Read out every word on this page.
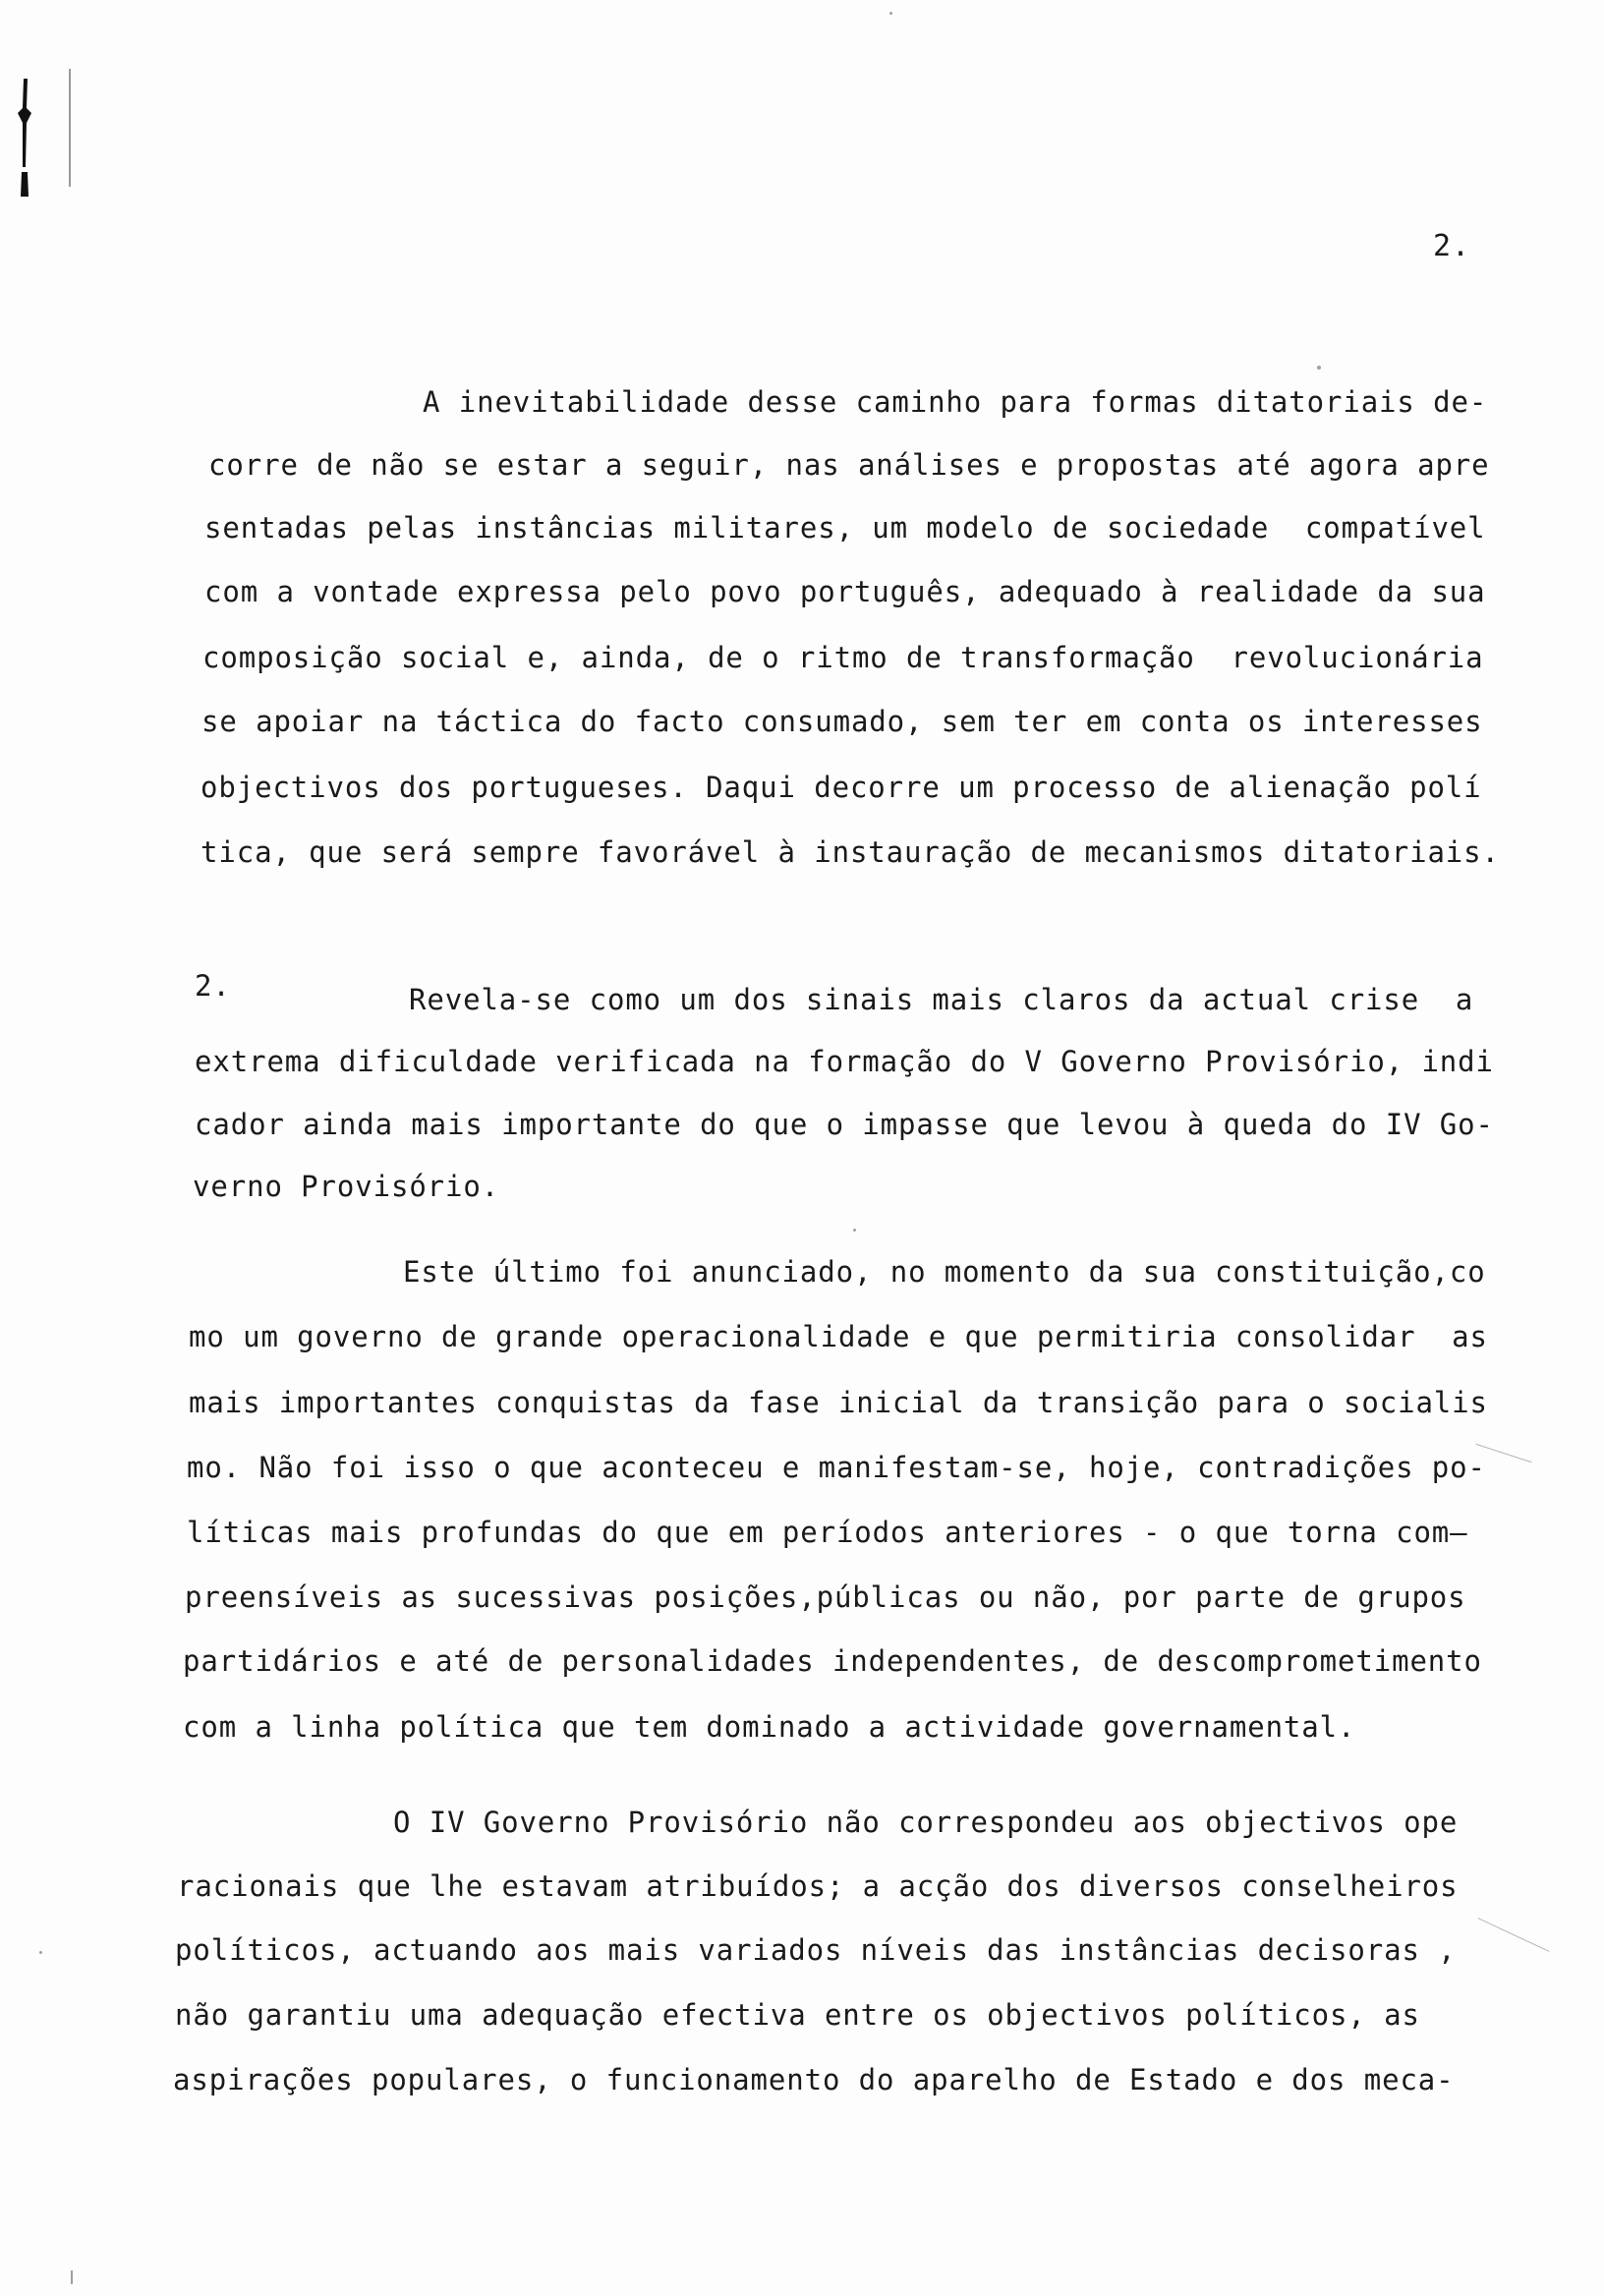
2.
A inevitabilidade desse caminho para formas ditatoriais de-
corre de não se estar a seguir, nas análises e propostas até agora apre
sentadas pelas instâncias militares, um modelo de sociedade  compatível
com a vontade expressa pelo povo português, adequado à realidade da sua
composição social e, ainda, de o ritmo de transformação  revolucionária
se apoiar na táctica do facto consumado, sem ter em conta os interesses
objectivos dos portugueses. Daqui decorre um processo de alienação polí
tica, que será sempre favorável à instauração de mecanismos ditatoriais.
2.	Revela-se como um dos sinais mais claros da actual crise  a
extrema dificuldade verificada na formação do V Governo Provisório, indi
cador ainda mais importante do que o impasse que levou à queda do IV Go-
verno Provisório.
Este último foi anunciado, no momento da sua constituição,co
mo um governo de grande operacionalidade e que permitiria consolidar  as
mais importantes conquistas da fase inicial da transição para o socialis
mo. Não foi isso o que aconteceu e manifestam-se, hoje, contradições po-
líticas mais profundas do que em períodos anteriores - o que torna com—
preensíveis as sucessivas posições,públicas ou não, por parte de grupos
partidários e até de personalidades independentes, de descomprometimento
com a linha política que tem dominado a actividade governamental.
O IV Governo Provisório não correspondeu aos objectivos ope
racionais que lhe estavam atribuídos; a acção dos diversos conselheiros
políticos, actuando aos mais variados níveis das instâncias decisoras ,
não garantiu uma adequação efectiva entre os objectivos políticos, as
aspirações populares, o funcionamento do aparelho de Estado e dos meca-
